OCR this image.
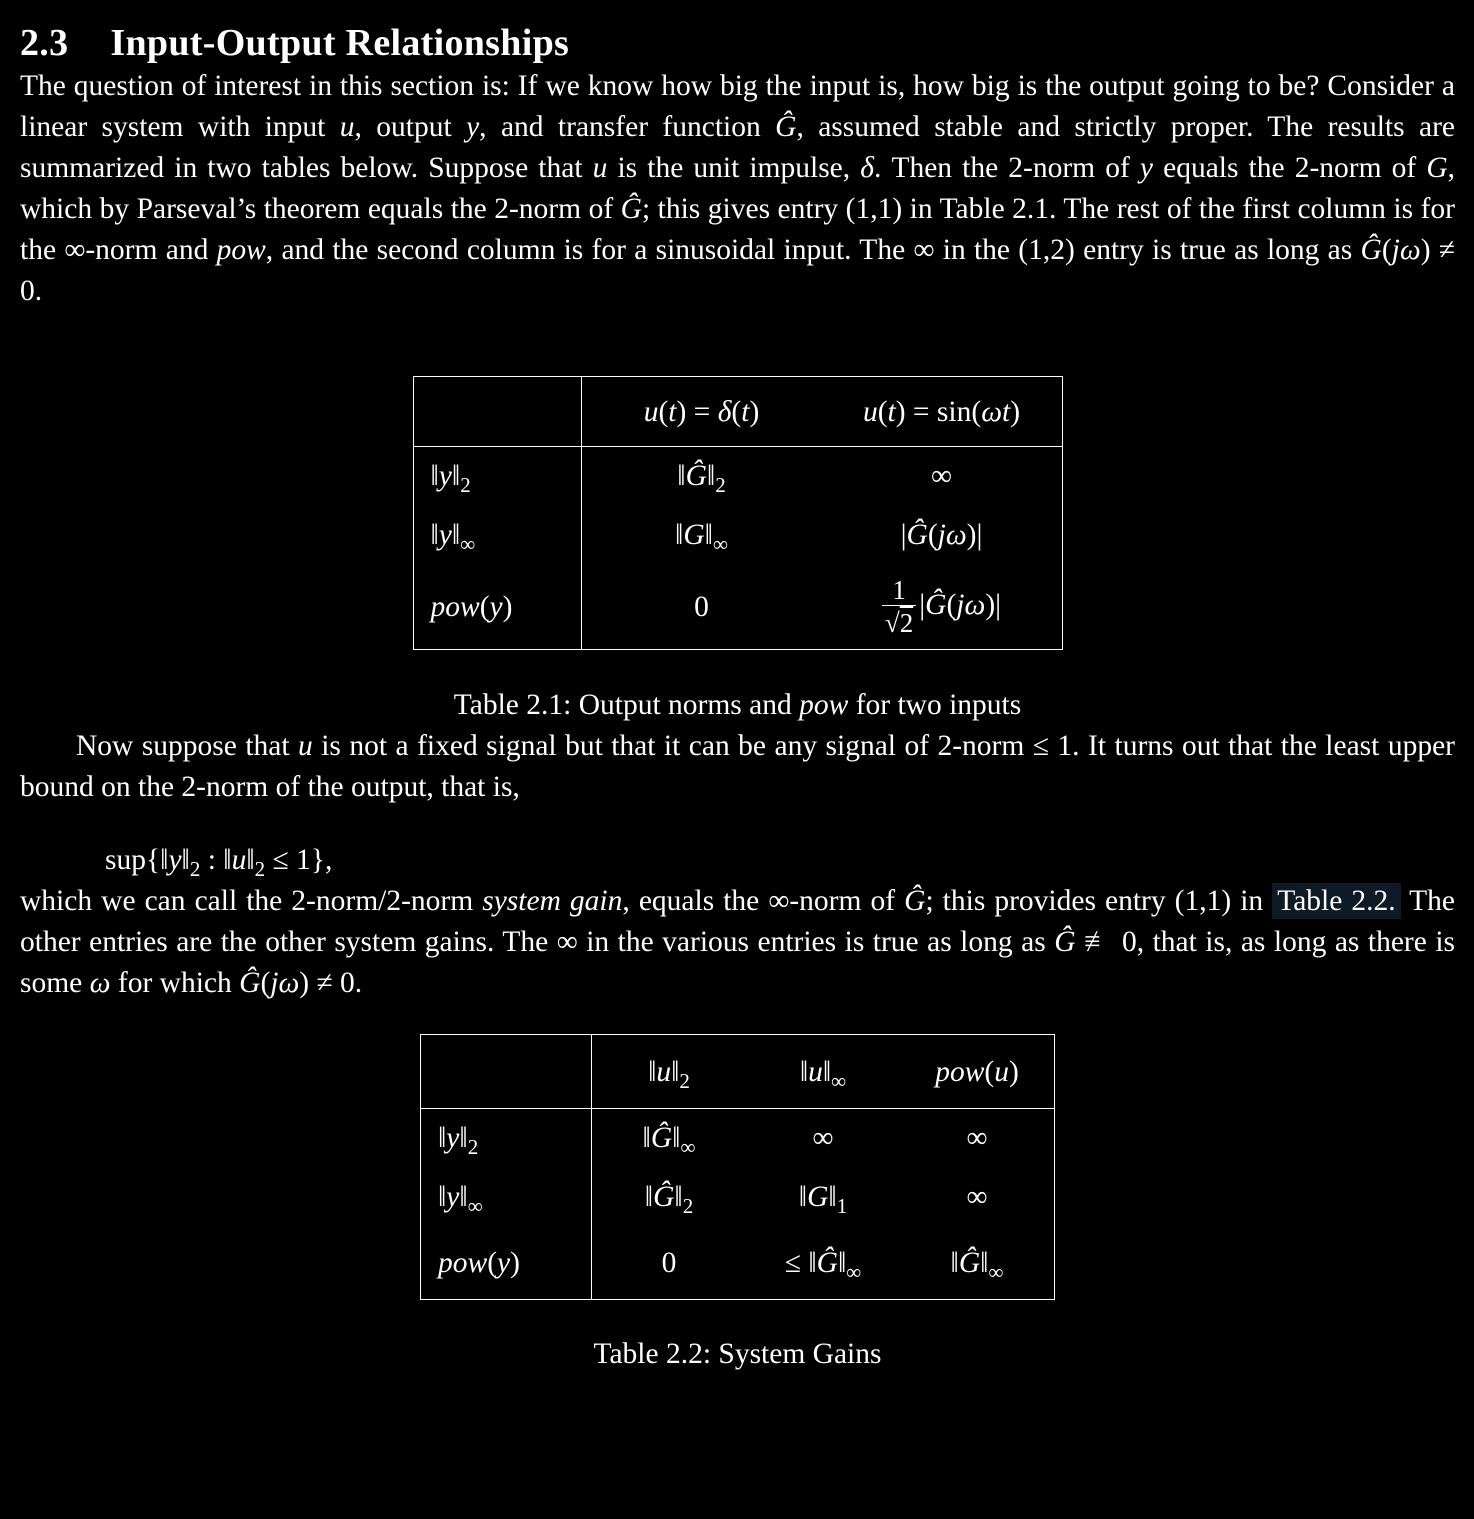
2.3 Input-Output Relationships

The question of interest in this section is: If we know how big the input is, how big is the output going to be? Consider a linear system with input u, output y, and transfer function Ĝ, assumed stable and strictly proper. The results are summarized in two tables below. Suppose that u is the unit impulse, δ. Then the 2-norm of y equals the 2-norm of G, which by Parseval’s theorem equals the 2-norm of Ĝ; this gives entry (1,1) in Table 2.1. The rest of the first column is for the ∞-norm and pow, and the second column is for a sinusoidal input. The ∞ in the (1,2) entry is true as long as Ĝ(jω) ≠ 0.

	u(t) = δ(t)	u(t) = sin(ωt)
$‖y‖_2$	$‖Ĝ‖_2$	∞
$‖y‖_\infty$	$‖G‖_\infty$	|Ĝ(jω)|
pow(y)	0	$\frac{1}{√2}$ |Ĝ(jω)|
Table 2.1: Output norms and pow for two inputs

Now suppose that u is not a fixed signal but that it can be any signal of 2-norm ≤ 1. It turns out that the least upper bound on the 2-norm of the output, that is,

$sup\{‖y‖_2$ : $‖u‖_2 \le 1$},

which we can call the 2-norm/2-norm system gain, equals the ∞-norm of Ĝ; this provides entry (1,1) in Table 2.2. The other entries are the other system gains. The ∞ in the various entries is true as long as Ĝ ≢ 0, that is, as long as there is some ω for which Ĝ(jω) ≠ 0.

	$‖u‖_2$	$‖u‖_\infty$	pow(u)
$‖y‖_2$	$‖Ĝ‖_\infty$	∞	∞
$‖y‖_\infty$	$‖Ĝ‖_2$	$‖G‖_1$	∞
pow(y)	0	≤ $‖Ĝ‖_\infty$	$‖Ĝ‖_\infty$
Table 2.2: System Gains
